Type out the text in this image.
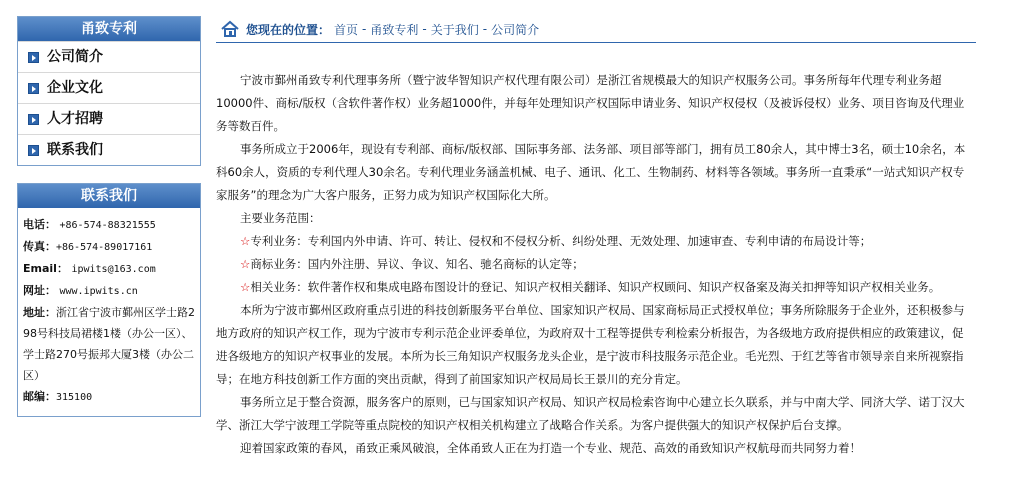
甬致专利
公司简介
企业文化
人才招聘
联系我们
联系我们
电话： +86-574-88321555
传真：+86-574-89017161
Email： ipwits@163.com
网址： www.ipwits.cn
地址：浙江省宁波市鄞州区学士路298号科技局裙楼1楼（办公一区）、学士路270号振邦大厦3楼（办公二区）
邮编：315100
您现在的位置： 首页 - 甬致专利 - 关于我们 - 公司简介

宁波市鄞州甬致专利代理事务所（暨宁波华智知识产权代理有限公司）是浙江省规模最大的知识产权服务公司。事务所每年代理专利业务超10000件、商标/版权（含软件著作权）业务超1000件，并每年处理知识产权国际申请业务、知识产权侵权（及被诉侵权）业务、项目咨询及代理业务等数百件。

事务所成立于2006年，现设有专利部、商标/版权部、国际事务部、法务部、项目部等部门，拥有员工80余人，其中博士3名，硕士10余名，本科60余人，资质的专利代理人30余名。专利代理业务涵盖机械、电子、通讯、化工、生物制药、材料等各领域。事务所一直秉承“一站式知识产权专家服务”的理念为广大客户服务，正努力成为知识产权国际化大所。

主要业务范围：

☆专利业务：专利国内外申请、许可、转让、侵权和不侵权分析、纠纷处理、无效处理、加速审查、专利申请的布局设计等；

☆商标业务：国内外注册、异议、争议、知名、驰名商标的认定等；

☆相关业务：软件著作权和集成电路布图设计的登记、知识产权相关翻译、知识产权顾问、知识产权备案及海关扣押等知识产权相关业务。

本所为宁波市鄞州区政府重点引进的科技创新服务平台单位、国家知识产权局、国家商标局正式授权单位；事务所除服务于企业外，还积极参与地方政府的知识产权工作，现为宁波市专利示范企业评委单位，为政府双十工程等提供专利检索分析报告，为各级地方政府提供相应的政策建议，促进各级地方的知识产权事业的发展。本所为长三角知识产权服务龙头企业，是宁波市科技服务示范企业。毛光烈、于红艺等省市领导亲自来所视察指导；在地方科技创新工作方面的突出贡献，得到了前国家知识产权局局长王景川的充分肯定。

事务所立足于整合资源，服务客户的原则，已与国家知识产权局、知识产权局检索咨询中心建立长久联系，并与中南大学、同济大学、诺丁汉大学、浙江大学宁波理工学院等重点院校的知识产权相关机构建立了战略合作关系。为客户提供强大的知识产权保护后台支撑。

迎着国家政策的春风，甬致正乘风破浪，全体甬致人正在为打造一个专业、规范、高效的甬致知识产权航母而共同努力着！
